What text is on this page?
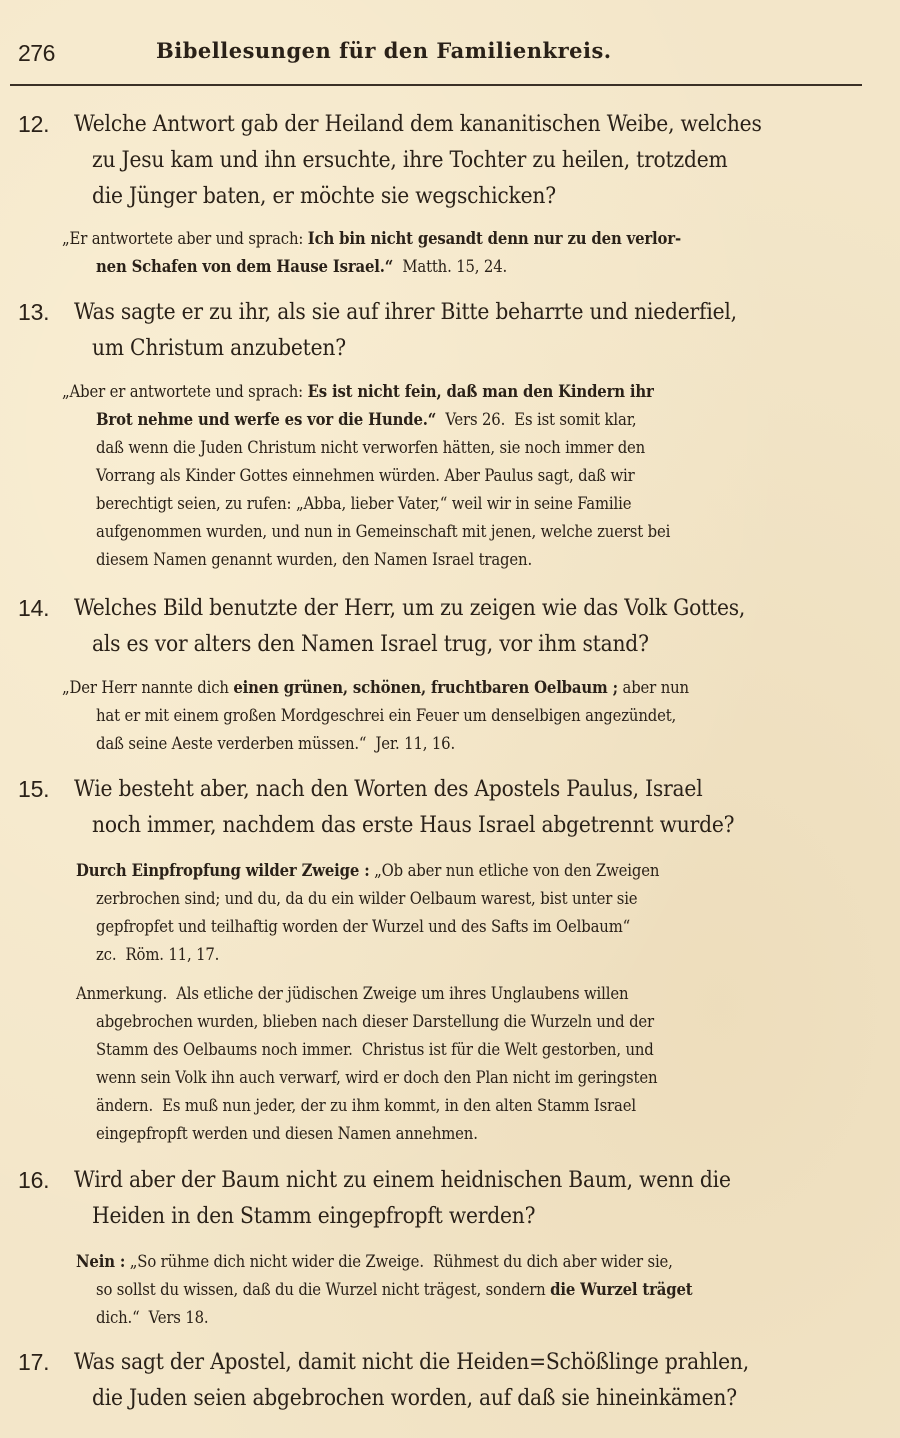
276	Bibellesungen für den Familienkreis.
12.	Welche Antwort gab der Heiland dem kananitischen Weibe, welches
zu Jesu kam und ihn ersuchte, ihre Tochter zu heilen, trotzdem
die Jünger baten, er möchte sie wegschicken?
„Er antwortete aber und sprach: Ich bin nicht gesandt denn nur zu den verlor-
nen Schafen von dem Hause Israel.“  Matth. 15, 24.
13.	Was sagte er zu ihr, als sie auf ihrer Bitte beharrte und niederfiel,
um Christum anzubeten?
„Aber er antwortete und sprach: Es ist nicht fein, daß man den Kindern ihr
Brot nehme und werfe es vor die Hunde.“  Vers 26.  Es ist somit klar,
daß wenn die Juden Christum nicht verworfen hätten, sie noch immer den
Vorrang als Kinder Gottes einnehmen würden. Aber Paulus sagt, daß wir
berechtigt seien, zu rufen: „Abba, lieber Vater,“ weil wir in seine Familie
aufgenommen wurden, und nun in Gemeinschaft mit jenen, welche zuerst bei
diesem Namen genannt wurden, den Namen Israel tragen.
14.	Welches Bild benutzte der Herr, um zu zeigen wie das Volk Gottes,
als es vor alters den Namen Israel trug, vor ihm stand?
„Der Herr nannte dich einen grünen, schönen, fruchtbaren Oelbaum ; aber nun
hat er mit einem großen Mordgeschrei ein Feuer um denselbigen angezündet,
daß seine Aeste verderben müssen.“  Jer. 11, 16.
15.	Wie besteht aber, nach den Worten des Apostels Paulus, Israel
noch immer, nachdem das erste Haus Israel abgetrennt wurde?
Durch Einpfropfung wilder Zweige : „Ob aber nun etliche von den Zweigen
zerbrochen sind; und du, da du ein wilder Oelbaum warest, bist unter sie
gepfropfet und teilhaftig worden der Wurzel und des Safts im Oelbaum“
zc.  Röm. 11, 17.
Anmerkung.  Als etliche der jüdischen Zweige um ihres Unglaubens willen
abgebrochen wurden, blieben nach dieser Darstellung die Wurzeln und der
Stamm des Oelbaums noch immer.  Christus ist für die Welt gestorben, und
wenn sein Volk ihn auch verwarf, wird er doch den Plan nicht im geringsten
ändern.  Es muß nun jeder, der zu ihm kommt, in den alten Stamm Israel
eingepfropft werden und diesen Namen annehmen.
16.	Wird aber der Baum nicht zu einem heidnischen Baum, wenn die
Heiden in den Stamm eingepfropft werden?
Nein : „So rühme dich nicht wider die Zweige.  Rühmest du dich aber wider sie,
so sollst du wissen, daß du die Wurzel nicht trägest, sondern die Wurzel träget
dich.“  Vers 18.
17.	Was sagt der Apostel, damit nicht die Heiden=Schößlinge prahlen,
die Juden seien abgebrochen worden, auf daß sie hineinkämen?
